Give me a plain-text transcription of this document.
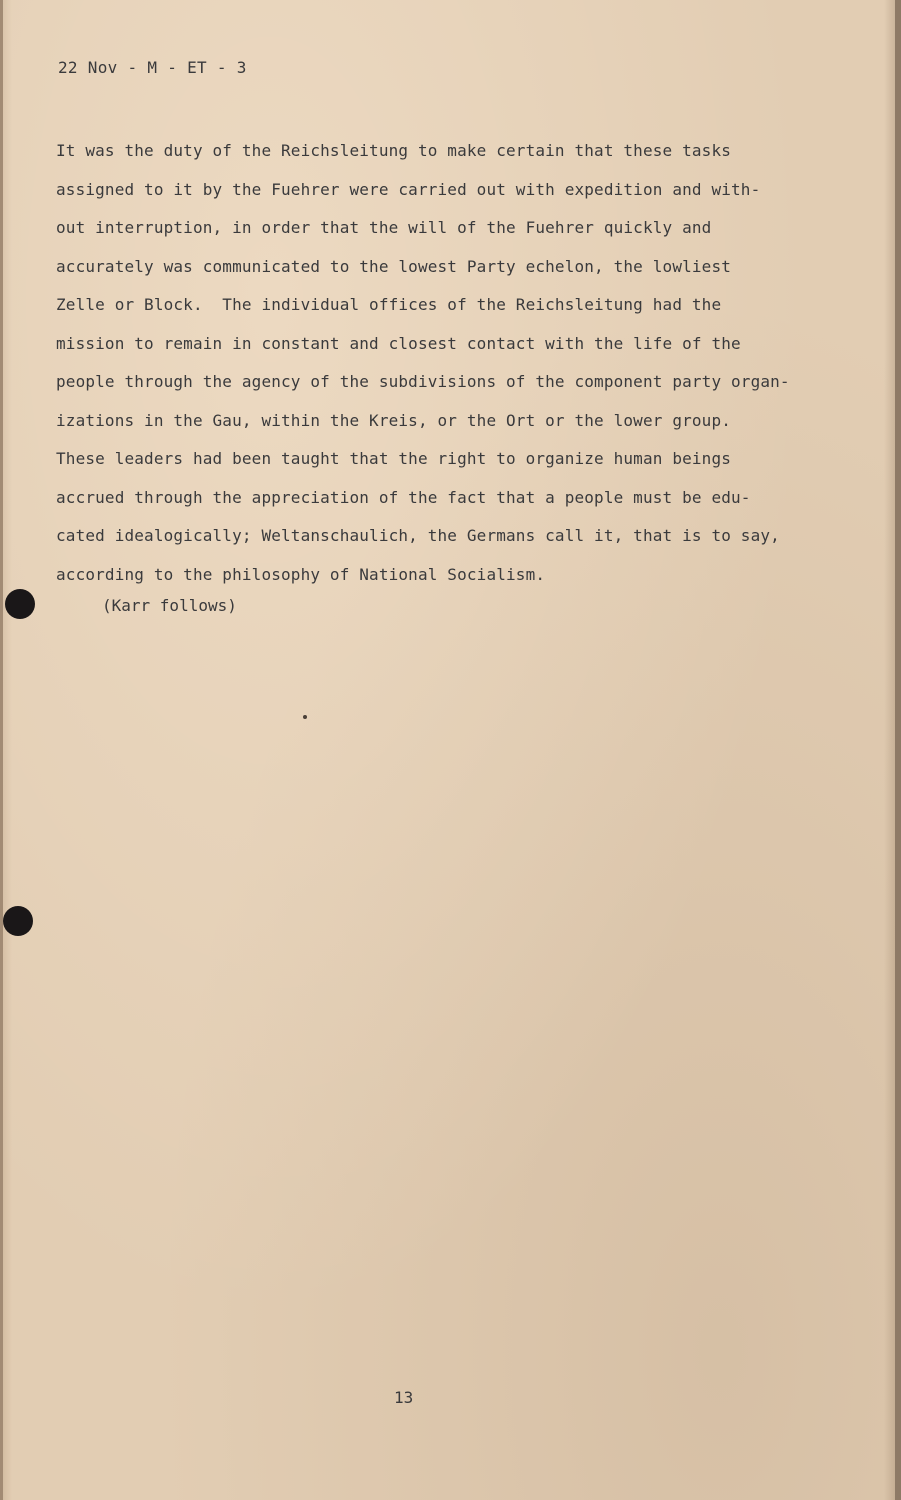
22 Nov - M - ET - 3
It was the duty of the Reichsleitung to make certain that these tasks
assigned to it by the Fuehrer were carried out with expedition and with-
out interruption, in order that the will of the Fuehrer quickly and
accurately was communicated to the lowest Party echelon, the lowliest
Zelle or Block.  The individual offices of the Reichsleitung had the
mission to remain in constant and closest contact with the life of the
people through the agency of the subdivisions of the component party organ-
izations in the Gau, within the Kreis, or the Ort or the lower group.
These leaders had been taught that the right to organize human beings
accrued through the appreciation of the fact that a people must be edu-
cated idealogically; Weltanschaulich, the Germans call it, that is to say,
according to the philosophy of National Socialism.
(Karr follows)
13
